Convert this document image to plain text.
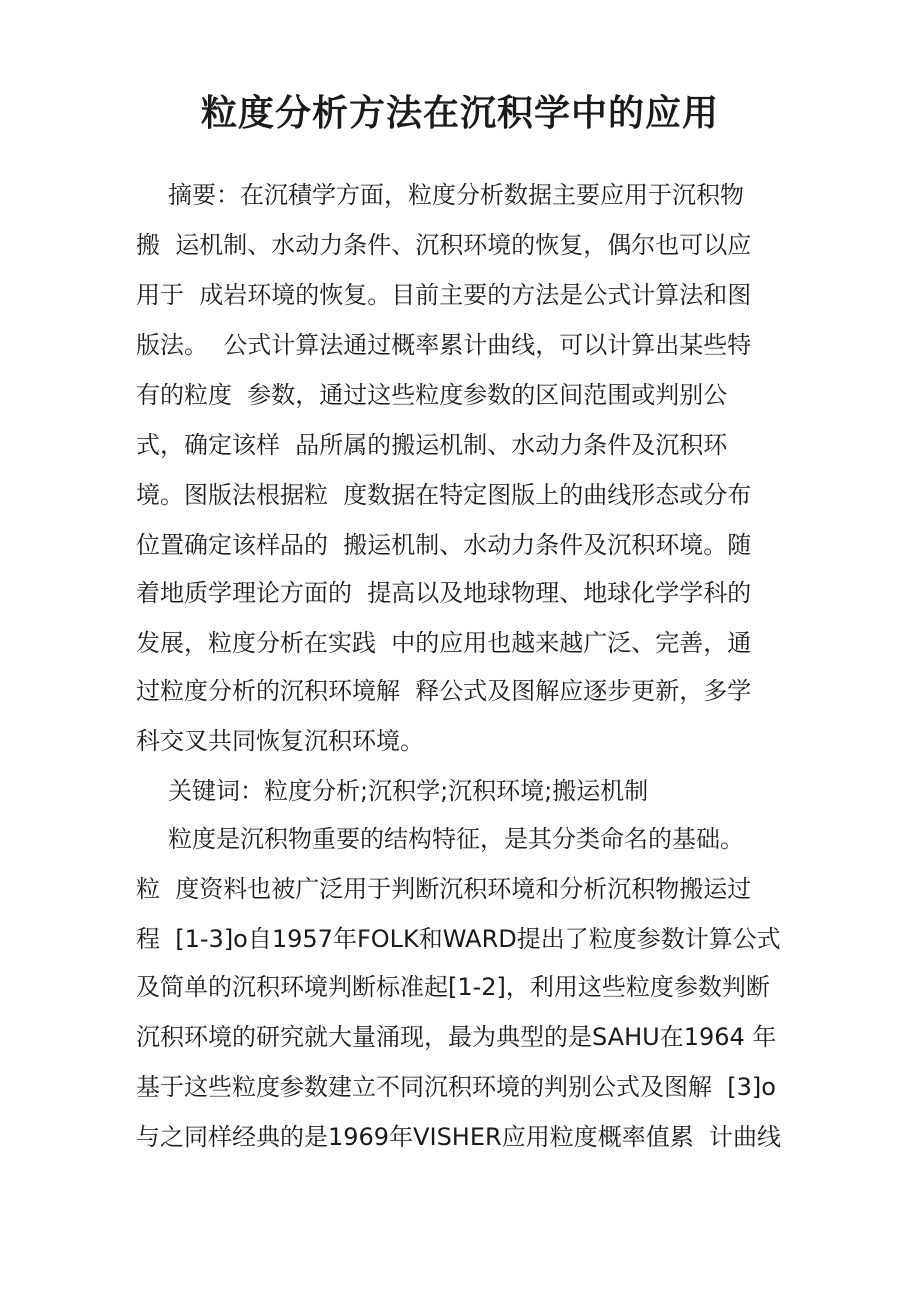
粒度分析方法在沉积学中的应用
摘要：在沉積学方面，粒度分析数据主要应用于沉积物
搬  运机制、水动力条件、沉积环境的恢复，偶尔也可以应
用于  成岩环境的恢复。目前主要的方法是公式计算法和图
版法。  公式计算法通过概率累计曲线，可以计算出某些特
有的粒度  参数，通过这些粒度参数的区间范围或判别公
式，确定该样  品所属的搬运机制、水动力条件及沉积环
境。图版法根据粒  度数据在特定图版上的曲线形态或分布
位置确定该样品的  搬运机制、水动力条件及沉积环境。随
着地质学理论方面的  提高以及地球物理、地球化学学科的
发展，粒度分析在实践  中的应用也越来越广泛、完善，通
过粒度分析的沉积环境解  释公式及图解应逐步更新，多学
科交叉共同恢复沉积环境。
关键词：粒度分析;沉积学;沉积环境;搬运机制
粒度是沉积物重要的结构特征，是其分类命名的基础。
粒  度资料也被广泛用于判断沉积环境和分析沉积物搬运过
程  [1-3]o自1957年FOLK和WARD提出了粒度参数计算公式
及简单的沉积环境判断标准起[1-2]，利用这些粒度参数判断
沉积环境的研究就大量涌现，最为典型的是SAHU在1964 年
基于这些粒度参数建立不同沉积环境的判别公式及图解  [3]o
与之同样经典的是1969年VISHER应用粒度概率值累  计曲线
